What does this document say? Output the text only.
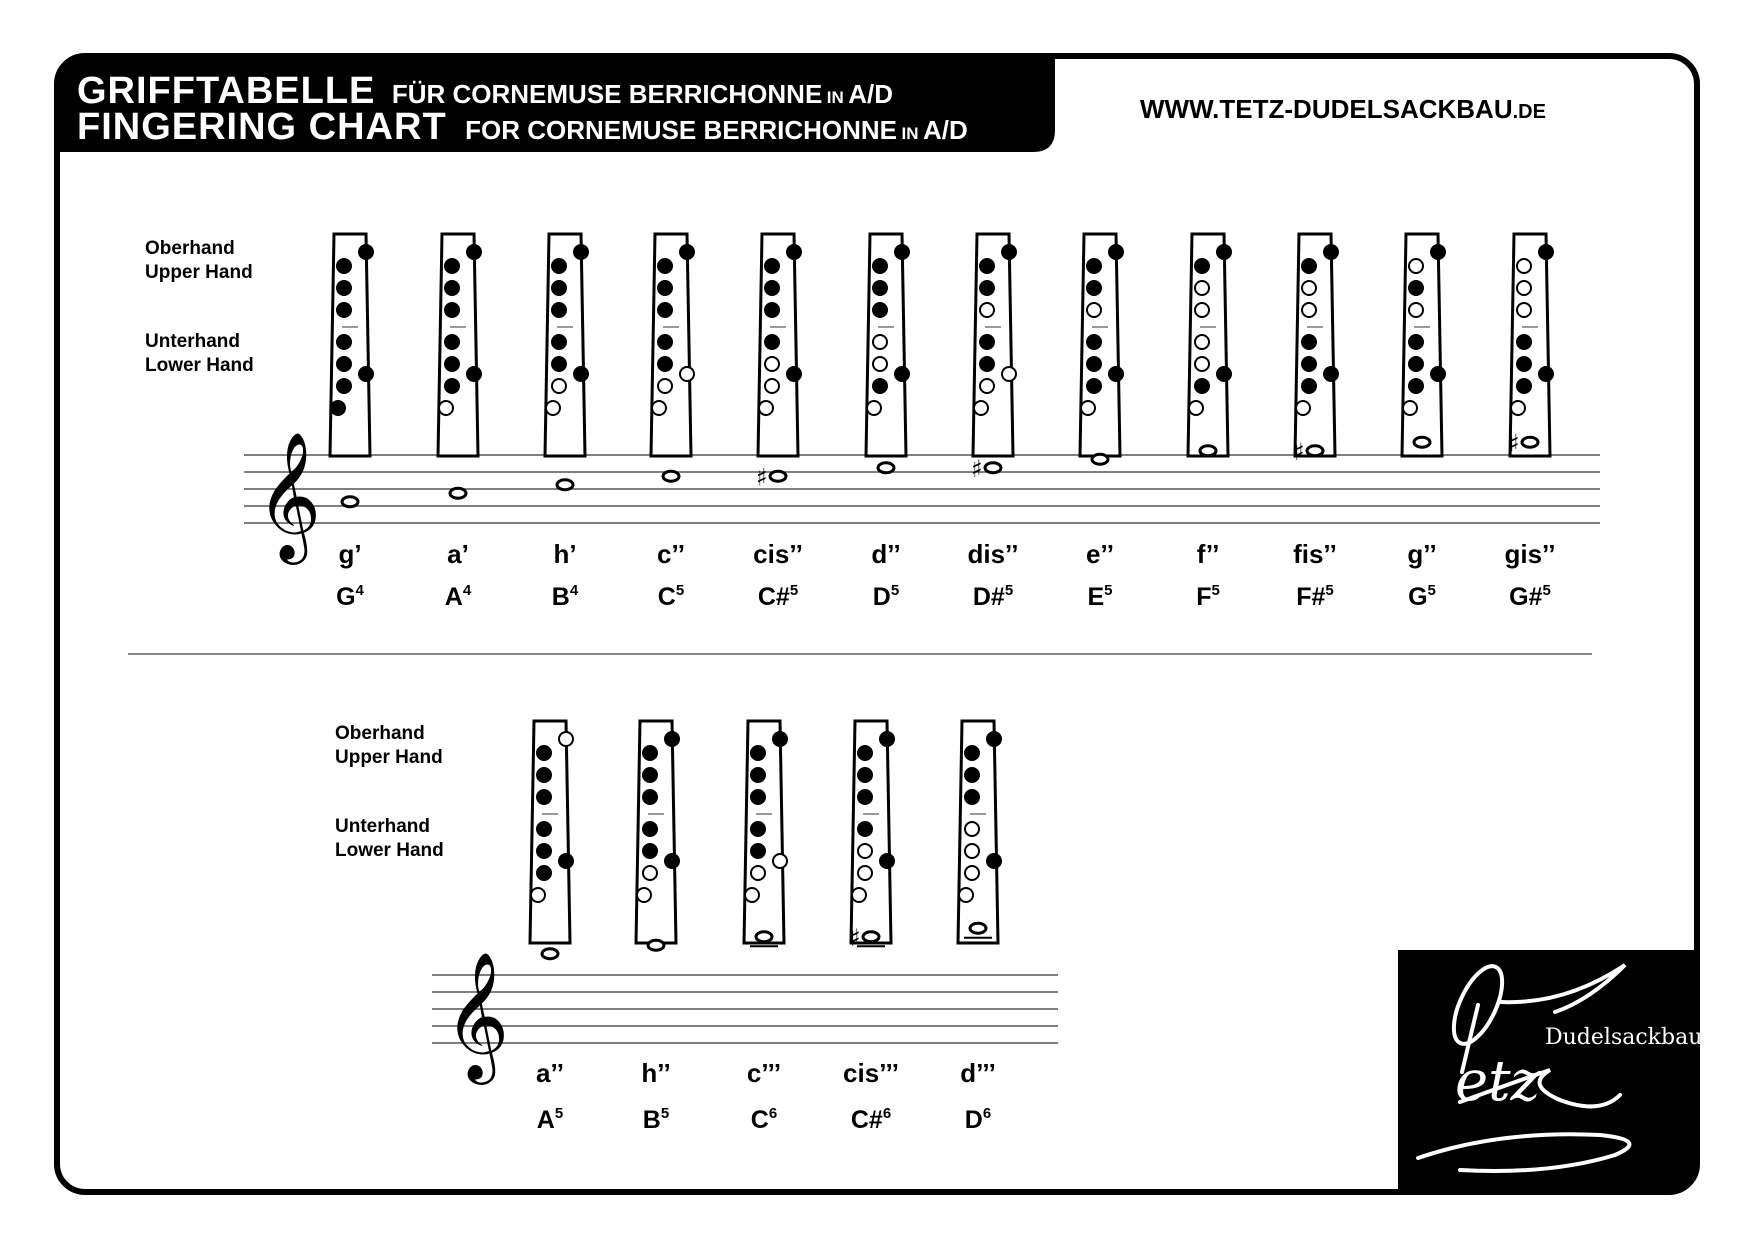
Dudelsackbau
etz
𝄞 g’
$G^4$
a’
$A^4$
h’
$B^4$
c’’
$C^5$
♯
cis’’
C#$^5$
d’’
$D^5$
♯
dis’’
D#$^5$
e’’
$E^5$
f’’
$F^5$
♯
fis’’
F#$^5$
g’’
$G^5$
♯
gis’’
G#$^5$
𝄞 a’’
$A^5$
h’’
$B^5$
c’’’
$C^6$
♯
cis’’’
C#$^6$
d’’’
$D^6$
GRIFFTABELLE FÜR CORNEMUSE BERRICHONNE IN A/D
FINGERING CHART FOR CORNEMUSE BERRICHONNE IN A/D
WWW.TETZ-DUDELSACKBAU.DE
Oberhand
Upper Hand
Unterhand
Lower Hand
Oberhand
Upper Hand
Unterhand
Lower Hand
